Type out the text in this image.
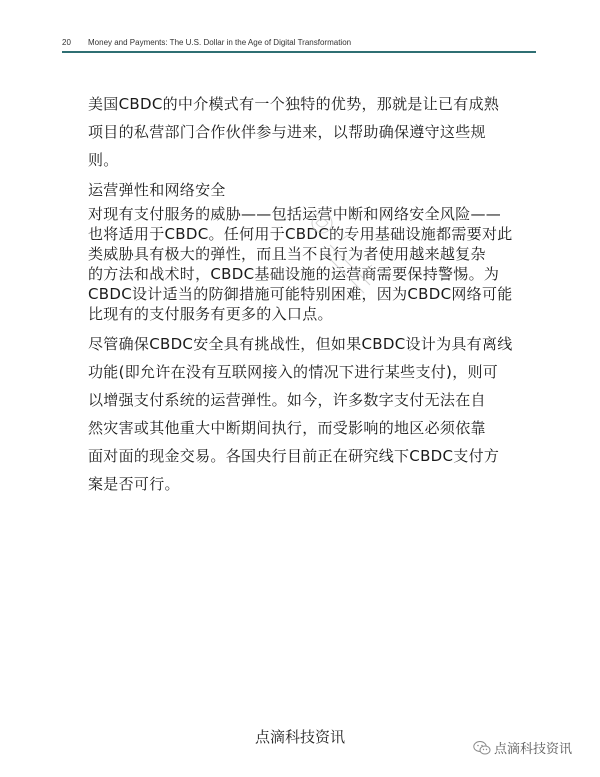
20 Money and Payments: The U.S. Dollar in the Age of Digital Transformation
美国CBDC的中介模式有一个独特的优势，那就是让已有成熟
项目的私营部门合作伙伴参与进来，以帮助确保遵守这些规
则。
运营弹性和网络安全
对现有支付服务的威胁——包括运营中断和网络安全风险——
也将适用于CBDC。任何用于CBDC的专用基础设施都需要对此
类威胁具有极大的弹性，而且当不良行为者使用越来越复杂
的方法和战术时，CBDC基础设施的运营商需要保持警惕。为
CBDC设计适当的防御措施可能特别困难，因为CBDC网络可能
比现有的支付服务有更多的入口点。
尽管确保CBDC安全具有挑战性，但如果CBDC设计为具有离线
功能(即允许在没有互联网接入的情况下进行某些支付)，则可
以增强支付系统的运营弹性。如今，许多数字支付无法在自
然灾害或其他重大中断期间执行，而受影响的地区必须依靠
面对面的现金交易。各国央行目前正在研究线下CBDC支付方
案是否可行。
点滴科技资讯
点滴科技资讯
